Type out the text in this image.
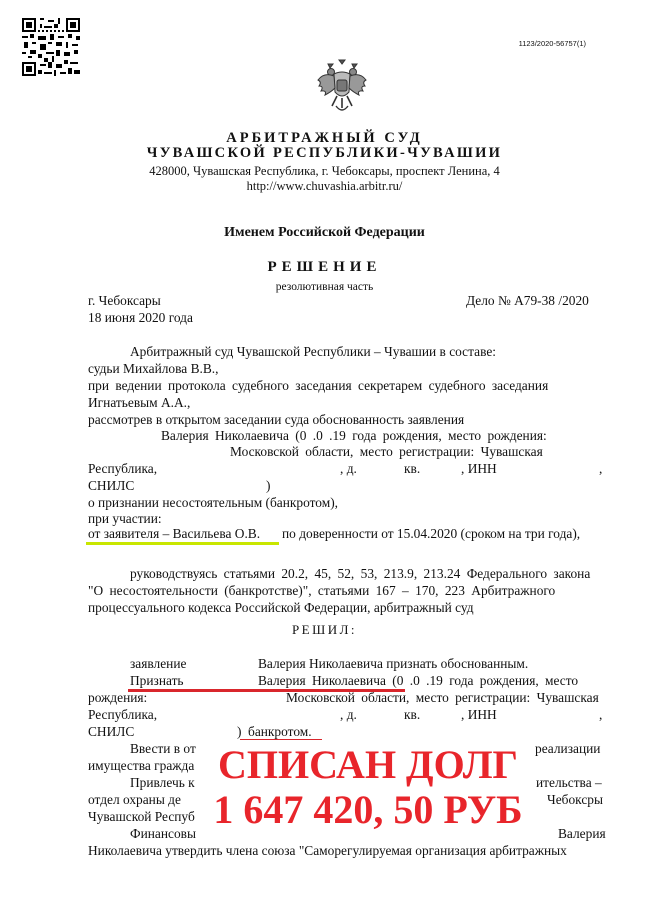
1123/2020-56757(1)
АРБИТРАЖНЫЙ СУД
ЧУВАШСКОЙ РЕСПУБЛИКИ-ЧУВАШИИ
428000, Чувашская Республика, г. Чебоксары, проспект Ленина, 4
http://www.chuvashia.arbitr.ru/
Именем Российской Федерации
РЕШЕНИЕ
резолютивная часть
г. Чебоксары	Дело № А79-38 /2020
18 июня 2020 года
Арбитражный суд Чувашской Республики – Чувашии в составе:
судьи Михайлова В.В.,
при ведении протокола судебного заседания секретарем судебного заседания
Игнатьевым А.А.,
рассмотрев в открытом заседании суда обоснованность заявления
Валерия Николаевича (0 .0 .19 года рождения, место рождения:
Московской области, место регистрации: Чувашская
Республика,	, д.	кв.	, ИНН	,
СНИЛС	)
о признании несостоятельным (банкротом),
при участии:
от заявителя – Васильева О.В. по доверенности от 15.04.2020 (сроком на три года),
руководствуясь статьями 20.2, 45, 52, 53, 213.9, 213.24 Федерального закона
"О несостоятельности (банкротстве)", статьями 167 – 170, 223 Арбитражного
процессуального кодекса Российской Федерации, арбитражный суд
РЕШИЛ:
заявление	Валерия Николаевича признать обоснованным.
Признать	Валерия Николаевича (0 .0 .19 года рождения, место
рождения:	Московской области, место регистрации: Чувашская
Республика,	, д.	кв.	, ИНН	,
СНИЛС	) банкротом.
Ввести в от	реализации
имущества гражда
Привлечь к	ительства –
отдел охраны де	Чебоксры
Чувашской Респуб
Финансовы	Валерия
Николаевича утвердить члена союза "Саморегулируемая организация арбитражных
СПИСАН ДОЛГ
1 647 420, 50 РУБ
